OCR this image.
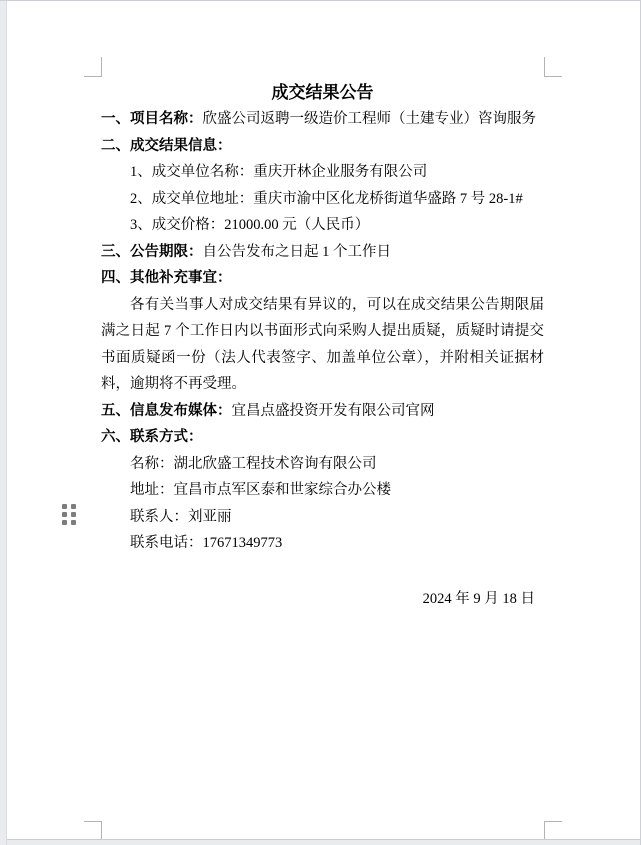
成交结果公告
一、项目名称：欣盛公司返聘一级造价工程师（土建专业）咨询服务
二、成交结果信息：
1、成交单位名称：重庆开林企业服务有限公司
2、成交单位地址：重庆市渝中区化龙桥街道华盛路 7 号 28-1#
3、成交价格：21000.00 元（人民币）
三、公告期限：自公告发布之日起 1 个工作日
四、其他补充事宜：
各有关当事人对成交结果有异议的，可以在成交结果公告期限届满之日起 7 个工作日内以书面形式向采购人提出质疑，质疑时请提交书面质疑函一份（法人代表签字、加盖单位公章），并附相关证据材料，逾期将不再受理。
五、信息发布媒体：宜昌点盛投资开发有限公司官网
六、联系方式：
名称：湖北欣盛工程技术咨询有限公司
地址：宜昌市点军区泰和世家综合办公楼
联系人：刘亚丽
联系电话：17671349773
2024 年 9 月 18 日
